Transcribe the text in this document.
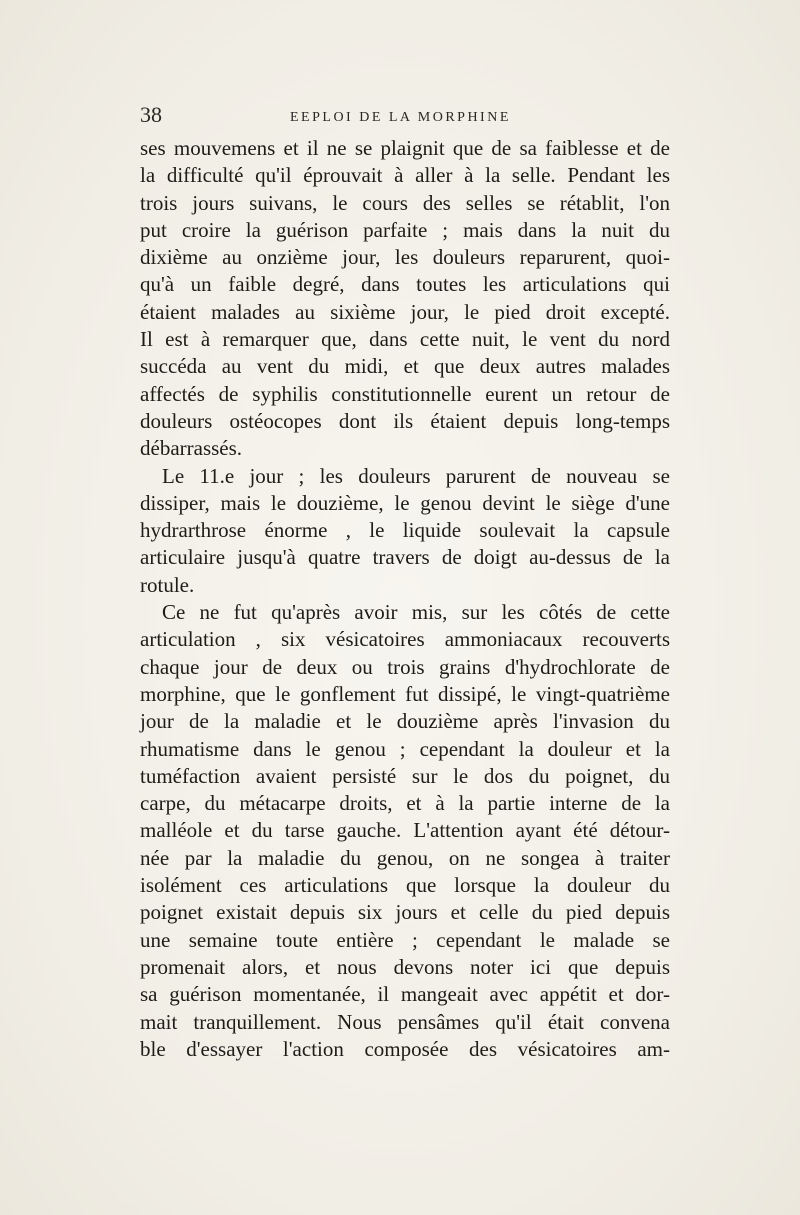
38	EEPLOI DE LA MORPHINE
ses mouvemens et il ne se plaignit que de sa faiblesse et de
la difficulté qu'il éprouvait à aller à la selle. Pendant les
trois jours suivans, le cours des selles se rétablit, l'on
put croire la guérison parfaite ; mais dans la nuit du
dixième au onzième jour, les douleurs reparurent, quoi-
qu'à un faible degré, dans toutes les articulations qui
étaient malades au sixième jour, le pied droit excepté.
Il est à remarquer que, dans cette nuit, le vent du nord
succéda au vent du midi, et que deux autres malades
affectés de syphilis constitutionnelle eurent un retour de
douleurs ostéocopes dont ils étaient depuis long-temps
débarrassés.
Le 11.e jour ; les douleurs parurent de nouveau se
dissiper, mais le douzième, le genou devint le siège d'une
hydrarthrose énorme , le liquide soulevait la capsule
articulaire jusqu'à quatre travers de doigt au-dessus de la
rotule.
Ce ne fut qu'après avoir mis, sur les côtés de cette
articulation , six vésicatoires ammoniacaux recouverts
chaque jour de deux ou trois grains d'hydrochlorate de
morphine, que le gonflement fut dissipé, le vingt-quatrième
jour de la maladie et le douzième après l'invasion du
rhumatisme dans le genou ; cependant la douleur et la
tuméfaction avaient persisté sur le dos du poignet, du
carpe, du métacarpe droits, et à la partie interne de la
malléole et du tarse gauche. L'attention ayant été détour-
née par la maladie du genou, on ne songea à traiter
isolément ces articulations que lorsque la douleur du
poignet existait depuis six jours et celle du pied depuis
une semaine toute entière ; cependant le malade se
promenait alors, et nous devons noter ici que depuis
sa guérison momentanée, il mangeait avec appétit et dor-
mait tranquillement. Nous pensâmes qu'il était convena
ble d'essayer l'action composée des vésicatoires am-
